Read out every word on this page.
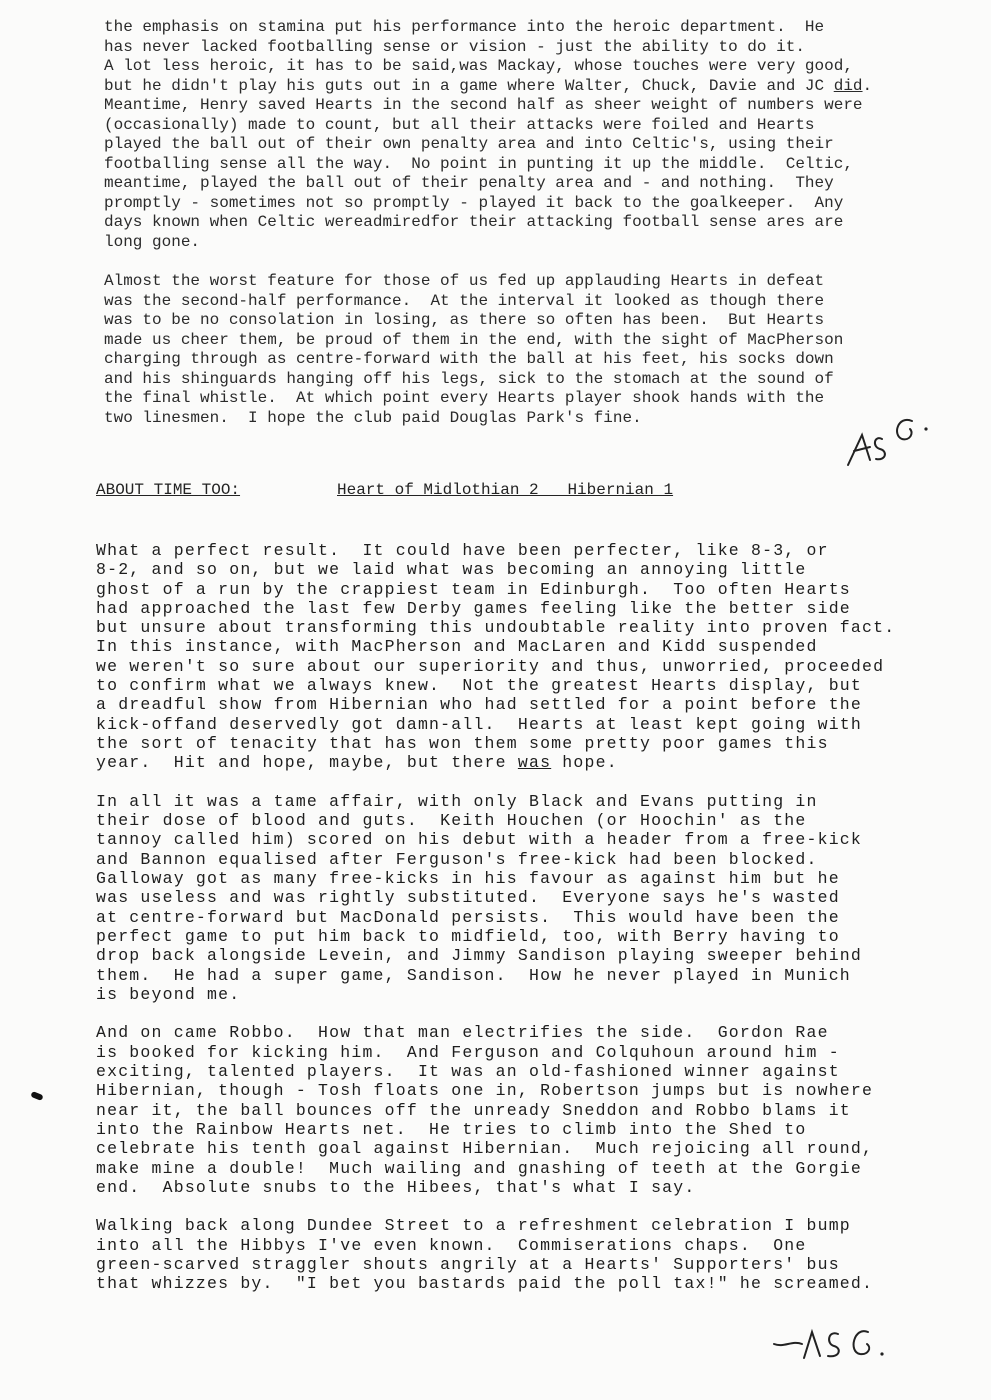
the emphasis on stamina put his performance into the heroic department.  He
has never lacked footballing sense or vision - just the ability to do it.
A lot less heroic, it has to be said,was Mackay, whose touches were very good,
but he didn't play his guts out in a game where Walter, Chuck, Davie and JC did.
Meantime, Henry saved Hearts in the second half as sheer weight of numbers were
(occasionally) made to count, but all their attacks were foiled and Hearts
played the ball out of their own penalty area and into Celtic's, using their
footballing sense all the way.  No point in punting it up the middle.  Celtic,
meantime, played the ball out of their penalty area and - and nothing.  They
promptly - sometimes not so promptly - played it back to the goalkeeper.  Any
days known when Celtic wereadmiredfor their attacking football sense ares are
long gone.

Almost the worst feature for those of us fed up applauding Hearts in defeat
was the second-half performance.  At the interval it looked as though there
was to be no consolation in losing, as there so often has been.  But Hearts
made us cheer them, be proud of them in the end, with the sight of MacPherson
charging through as centre-forward with the ball at his feet, his socks down
and his shinguards hanging off his legs, sick to the stomach at the sound of
the final whistle.  At which point every Hearts player shook hands with the
two linesmen.  I hope the club paid Douglas Park's fine.
ABOUT TIME TOO:	Heart of Midlothian 2   Hibernian 1
What a perfect result.  It could have been perfecter, like 8-3, or
8-2, and so on, but we laid what was becoming an annoying little
ghost of a run by the crappiest team in Edinburgh.  Too often Hearts
had approached the last few Derby games feeling like the better side
but unsure about transforming this undoubtable reality into proven fact.
In this instance, with MacPherson and MacLaren and Kidd suspended
we weren't so sure about our superiority and thus, unworried, proceeded
to confirm what we always knew.  Not the greatest Hearts display, but
a dreadful show from Hibernian who had settled for a point before the
kick-offand deservedly got damn-all.  Hearts at least kept going with
the sort of tenacity that has won them some pretty poor games this
year.  Hit and hope, maybe, but there was hope.

In all it was a tame affair, with only Black and Evans putting in
their dose of blood and guts.  Keith Houchen (or Hoochin' as the
tannoy called him) scored on his debut with a header from a free-kick
and Bannon equalised after Ferguson's free-kick had been blocked.
Galloway got as many free-kicks in his favour as against him but he
was useless and was rightly substituted.  Everyone says he's wasted
at centre-forward but MacDonald persists.  This would have been the
perfect game to put him back to midfield, too, with Berry having to
drop back alongside Levein, and Jimmy Sandison playing sweeper behind
them.  He had a super game, Sandison.  How he never played in Munich
is beyond me.

And on came Robbo.  How that man electrifies the side.  Gordon Rae
is booked for kicking him.  And Ferguson and Colquhoun around him -
exciting, talented players.  It was an old-fashioned winner against
Hibernian, though - Tosh floats one in, Robertson jumps but is nowhere
near it, the ball bounces off the unready Sneddon and Robbo blams it
into the Rainbow Hearts net.  He tries to climb into the Shed to
celebrate his tenth goal against Hibernian.  Much rejoicing all round,
make mine a double!  Much wailing and gnashing of teeth at the Gorgie
end.  Absolute snubs to the Hibees, that's what I say.

Walking back along Dundee Street to a refreshment celebration I bump
into all the Hibbys I've even known.  Commiserations chaps.  One
green-scarved straggler shouts angrily at a Hearts' Supporters' bus
that whizzes by.  "I bet you bastards paid the poll tax!" he screamed.
